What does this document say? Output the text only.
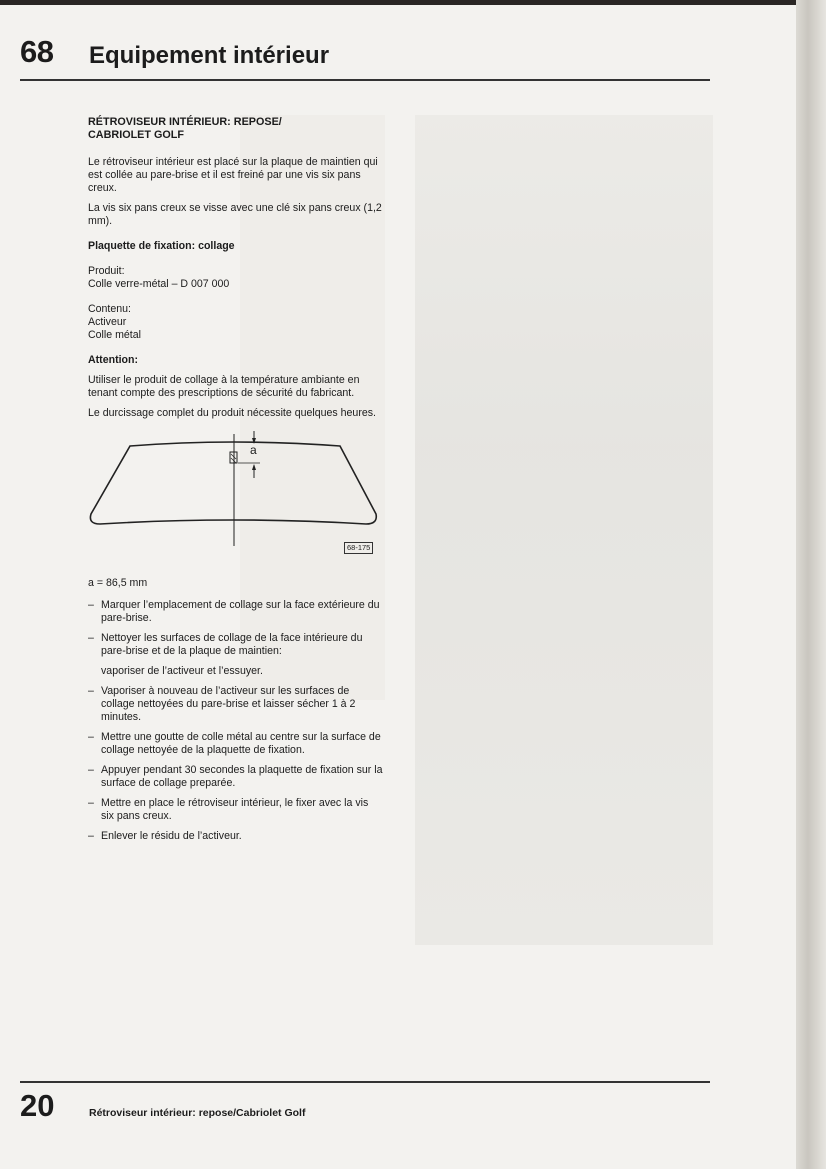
68 Equipement intérieur

RÉTROVISEUR INTÉRIEUR: REPOSE/
CABRIOLET GOLF

Le rétroviseur intérieur est placé sur la plaque de maintien qui est collée au pare-brise et il est freiné par une vis six pans creux.

La vis six pans creux se visse avec une clé six pans creux (1,2 mm).

Plaquette de fixation: collage

Produit:
Colle verre-métal – D 007 000

Contenu:
Activeur
Colle métal

Attention:

Utiliser le produit de collage à la température ambiante en tenant compte des prescriptions de sécurité du fabricant.

Le durcissage complet du produit nécessite quelques heures.

a
68-175

a = 86,5 mm

– Marquer l’emplacement de collage sur la face extérieure du pare-brise.
– Nettoyer les surfaces de collage de la face intérieure du pare-brise et de la plaque de maintien:

vaporiser de l’activeur et l’essuyer.

– Vaporiser à nouveau de l’activeur sur les surfaces de collage nettoyées du pare-brise et laisser sécher 1 à 2 minutes.
– Mettre une goutte de colle métal au centre sur la surface de collage nettoyée de la plaquette de fixation.
– Appuyer pendant 30 secondes la plaquette de fixation sur la surface de collage preparée.
– Mettre en place le rétroviseur intérieur, le fixer avec la vis six pans creux.
– Enlever le résidu de l’activeur.
20	Rétroviseur intérieur: repose/Cabriolet Golf
